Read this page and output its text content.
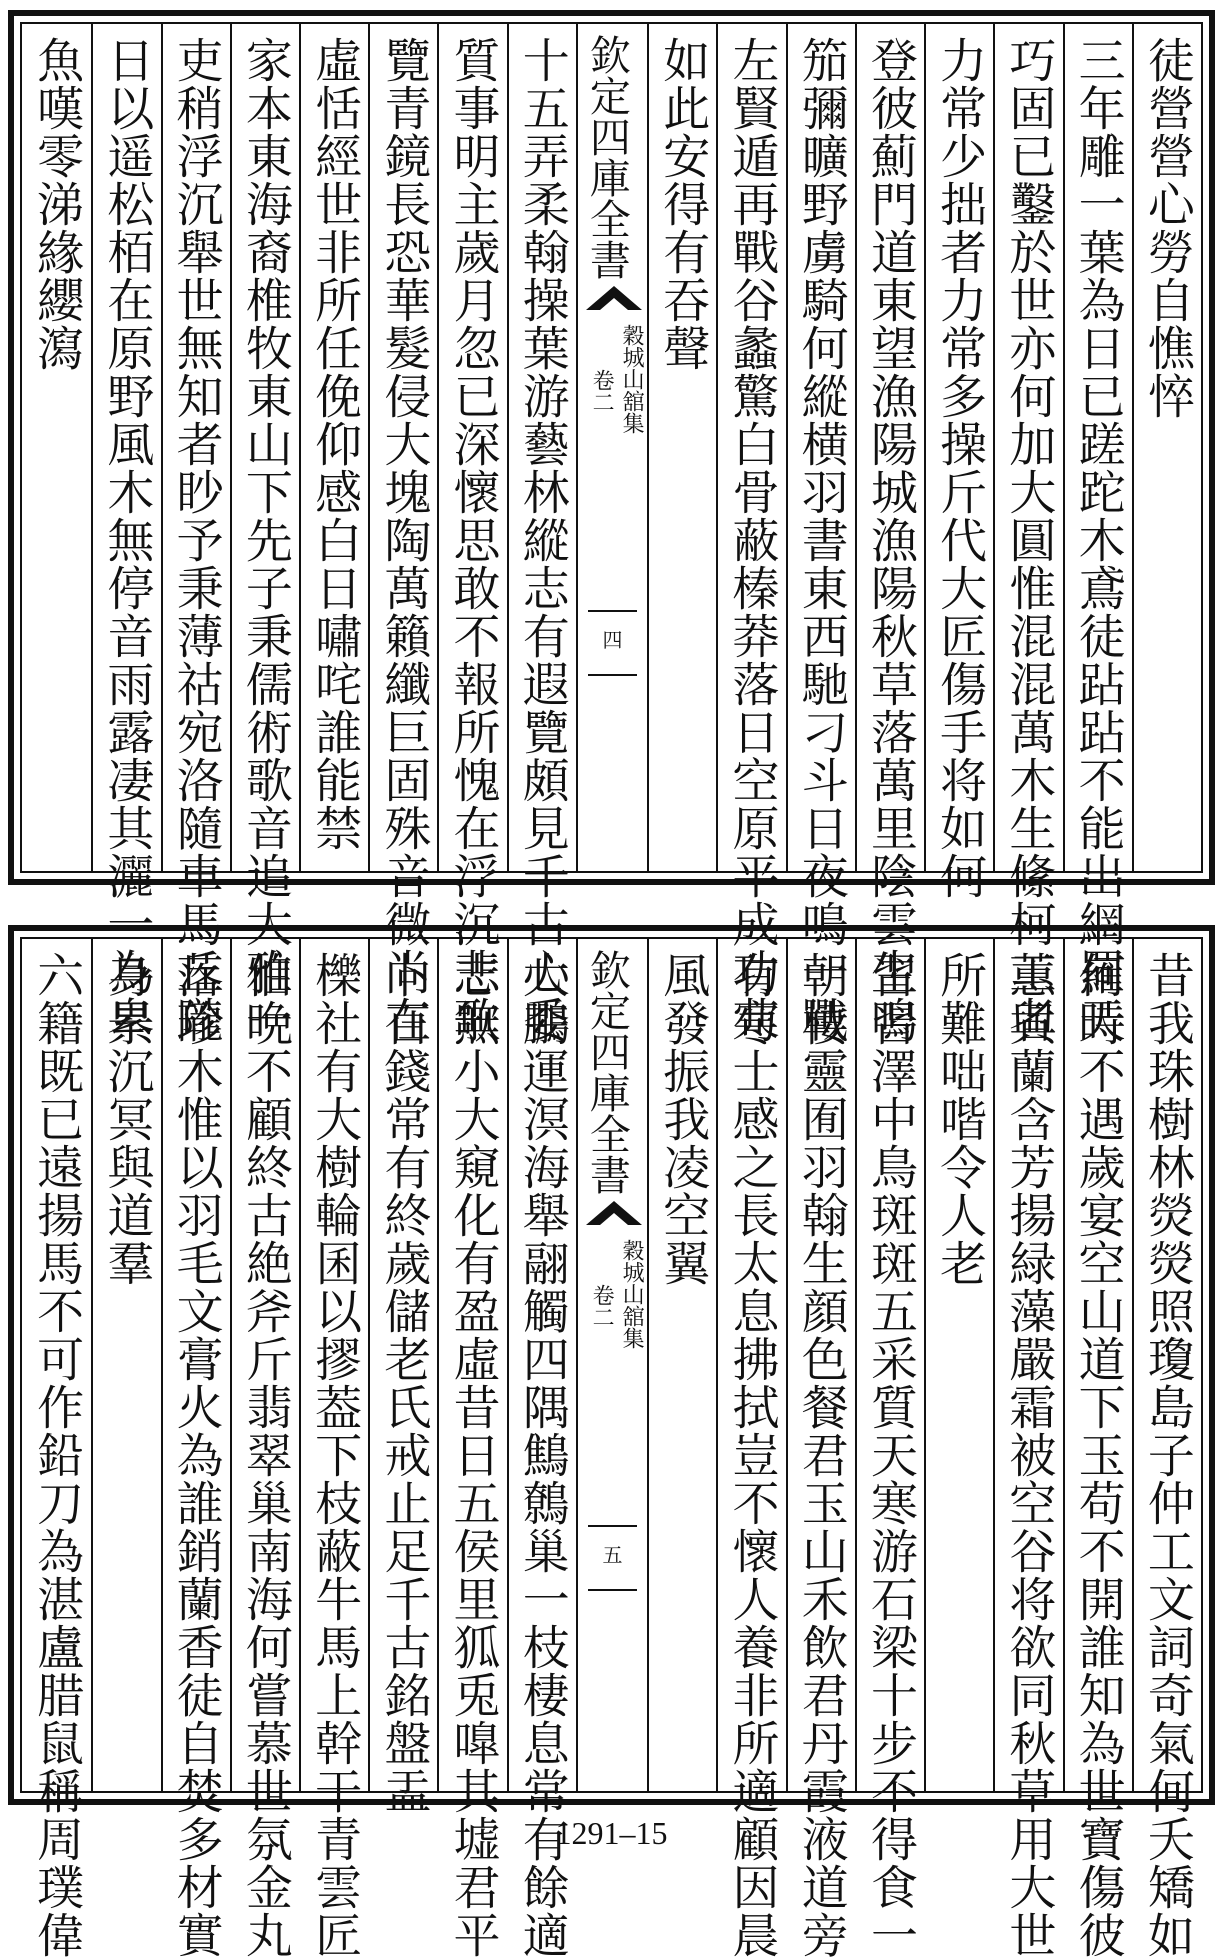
徒營營心勞自憔悴
三年雕一葉為日已蹉跎木鳶徒跕跕不能出網羅天
巧固已鑿於世亦何加大圓惟混混萬木生絛柯工者
力常少拙者力常多操斤代大匠傷手将如何
登彼薊門道東望漁陽城漁陽秋草落萬里陰雲生鳴
笳彌曠野虜騎何縱横羽書東西馳刁斗日夜鳴一戰
左賢遁再戰谷蠡驚白骨蔽榛莽落日空原平成功苟
如此安得有吞聲
欽定四庫全書
穀城山舘集
卷二
四
十五弄柔翰操葉游藝林縱志有遐覽頗見千古心委
質事明主歲月忽已深懷思敢不報所愧在浮沉悲歌
覽青鏡長恐華髮侵大塊陶萬籟纖巨固殊音微尚在
虛恬經世非所任俛仰感白日嘯咤誰能禁
家本東海裔椎牧東山下先子秉儒術歌音追大雅一
吏稍浮沉舉世無知者眇予秉薄祜宛洛隨車馬丘隴
日以遥松栢在原野風木無停音雨露凄其灑一為皋
魚嘆零涕緣纓瀉
昔我珠樹林熒熒照瓊島子仲工文詞奇氣何夭矯如
何時不遇歲宴空山道下玉苟不開誰知為世寶傷彼
蕙與蘭含芳揚緑藻嚴霜被空谷将欲同秋草用大世
所難咄喈令人老
習習澤中鳥斑斑五采質天寒游石梁十步不得食一
朝棲靈囿羽翰生顔色餐君玉山禾飲君丹霞液道旁
有寒士感之長太息拂拭豈不懷人養非所適顧因晨
風發振我凌空翼
欽定四庫全書
穀城山舘集
卷二
五
大鵬運溟海舉翮觸四隅鷦鷯巢一枝棲息常有餘適
志無小大窺化有盈虛昔日五侯里狐兎嘷其墟君平
卜百錢常有終歲儲老氏戒止足千古銘盤盂
櫟社有大樹輪囷以摎葢下枝蔽牛馬上幹干青雲匠
伯晩不顧終古絶斧斤翡翠巢南海何嘗慕世氛金丸
落珍木惟以羽毛文膏火為誰銷蘭香徒自焚多材實
身累沉冥與道羣
六籍既已遠揚馬不可作鉛刀為湛盧腊鼠稱周璞偉	1291–15
